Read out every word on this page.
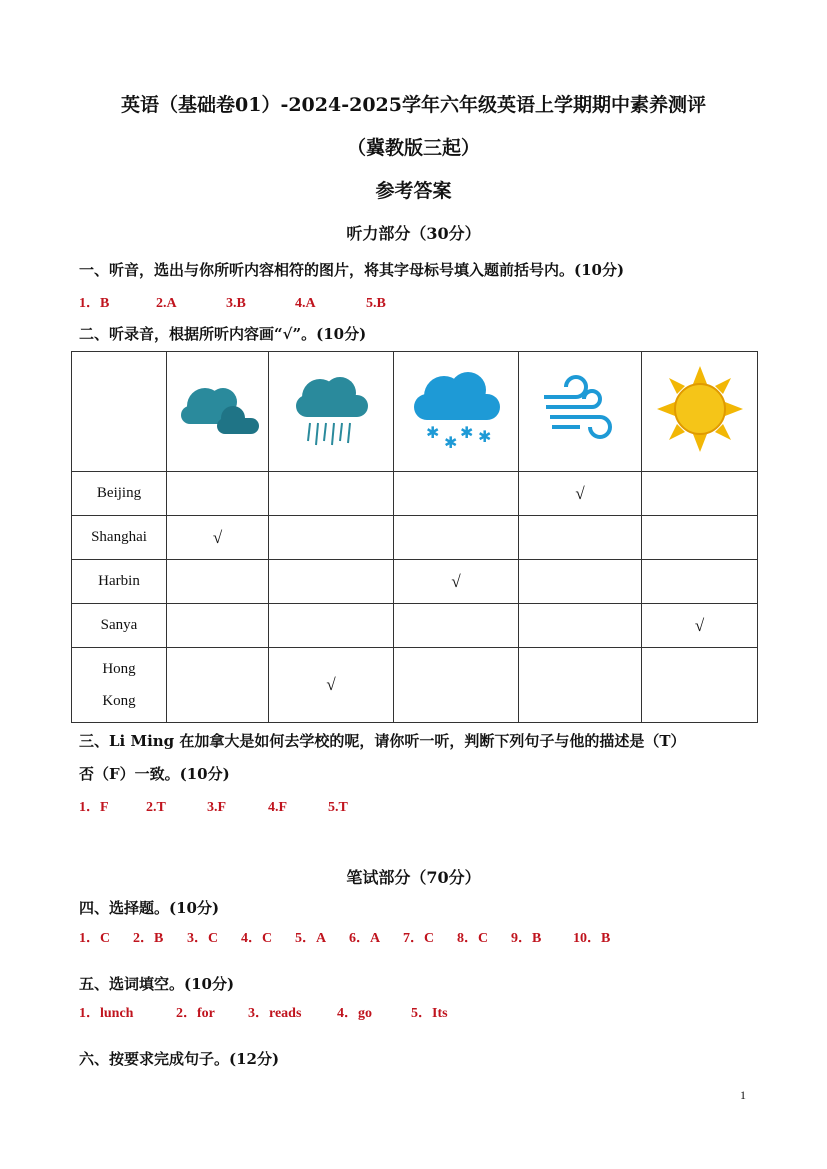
英语（基础卷01）-2024-2025学年六年级英语上学期期中素养测评
（冀教版三起）
参考答案
听力部分（30分）
一、听音，选出与你所听内容相符的图片，将其字母标号填入题前括号内。(10分)
1．B	2.A	3.B	4.A	5.B
二、听录音，根据所听内容画“√”。(10分)

✱
✱
✱ ✱

Beijing				√	
Shanghai	√				
Harbin			√		
Sanya					√
Hong Kong		√			
三、Li Ming 在加拿大是如何去学校的呢，请你听一听，判断下列句子与他的描述是（T）
否（F）一致。(10分)
1．F	2.T	3.F	4.F	5.T
笔试部分（70分）
四、选择题。(10分)
1．C 2．B 3．C 4．C 5．A 6．A 7．C 8．C 9．B 10．B
五、选词填空。(10分)
1．lunch	2．for 3．reads	4．go	5．Its
六、按要求完成句子。(12分)
1
